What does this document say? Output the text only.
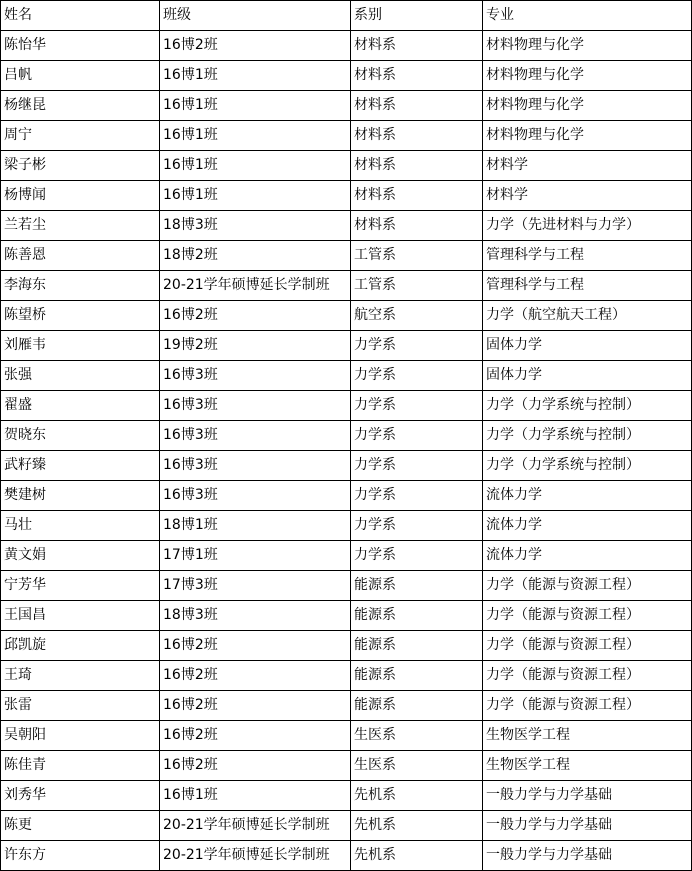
姓名	班级	系别	专业
陈怡华	16博2班	材料系	材料物理与化学
吕帆	16博1班	材料系	材料物理与化学
杨继昆	16博1班	材料系	材料物理与化学
周宁	16博1班	材料系	材料物理与化学
梁子彬	16博1班	材料系	材料学
杨博闻	16博1班	材料系	材料学
兰若尘	18博3班	材料系	力学（先进材料与力学）
陈善恩	18博2班	工管系	管理科学与工程
李海东	20-21学年硕博延长学制班	工管系	管理科学与工程
陈望桥	16博2班	航空系	力学（航空航天工程）
刘雁韦	19博2班	力学系	固体力学
张强	16博3班	力学系	固体力学
翟盛	16博3班	力学系	力学（力学系统与控制）
贺晓东	16博3班	力学系	力学（力学系统与控制）
武籽臻	16博3班	力学系	力学（力学系统与控制）
樊建树	16博3班	力学系	流体力学
马壮	18博1班	力学系	流体力学
黄文娟	17博1班	力学系	流体力学
宁芳华	17博3班	能源系	力学（能源与资源工程）
王国昌	18博3班	能源系	力学（能源与资源工程）
邱凯旋	16博2班	能源系	力学（能源与资源工程）
王琦	16博2班	能源系	力学（能源与资源工程）
张雷	16博2班	能源系	力学（能源与资源工程）
吴朝阳	16博2班	生医系	生物医学工程
陈佳青	16博2班	生医系	生物医学工程
刘秀华	16博1班	先机系	一般力学与力学基础
陈更	20-21学年硕博延长学制班	先机系	一般力学与力学基础
许东方	20-21学年硕博延长学制班	先机系	一般力学与力学基础
